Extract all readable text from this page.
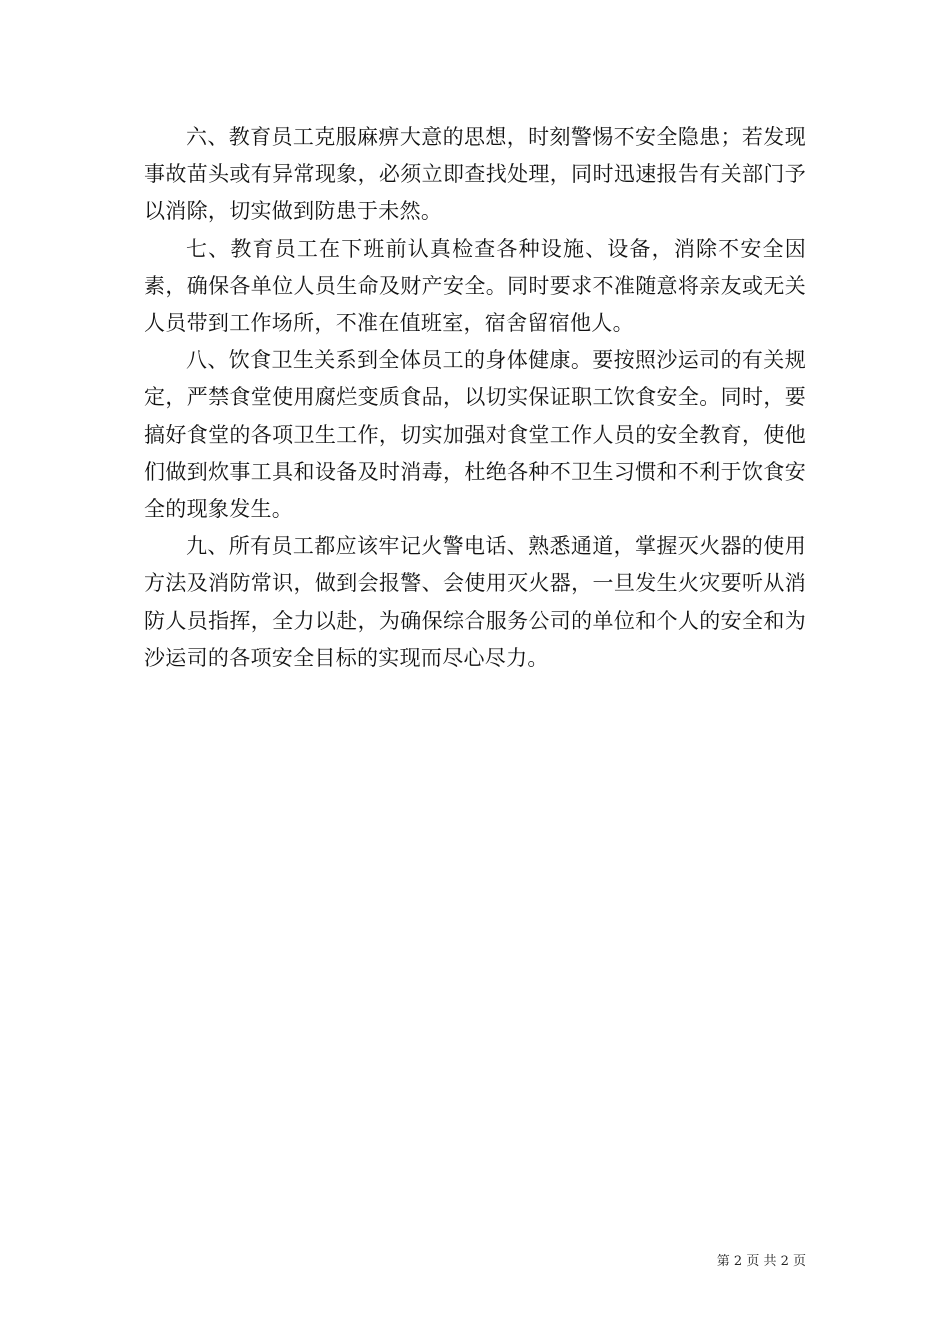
六、教育员工克服麻痹大意的思想，时刻警惕不安全隐患；若发现事故苗头或有异常现象，必须立即查找处理，同时迅速报告有关部门予以消除，切实做到防患于未然。

七、教育员工在下班前认真检查各种设施、设备，消除不安全因素，确保各单位人员生命及财产安全。同时要求不准随意将亲友或无关人员带到工作场所，不准在值班室，宿舍留宿他人。

八、饮食卫生关系到全体员工的身体健康。要按照沙运司的有关规定，严禁食堂使用腐烂变质食品，以切实保证职工饮食安全。同时，要搞好食堂的各项卫生工作，切实加强对食堂工作人员的安全教育，使他们做到炊事工具和设备及时消毒，杜绝各种不卫生习惯和不利于饮食安全的现象发生。

九、所有员工都应该牢记火警电话、熟悉通道，掌握灭火器的使用方法及消防常识，做到会报警、会使用灭火器，一旦发生火灾要听从消防人员指挥，全力以赴，为确保综合服务公司的单位和个人的安全和为沙运司的各项安全目标的实现而尽心尽力。

第 2 页 共 2 页
